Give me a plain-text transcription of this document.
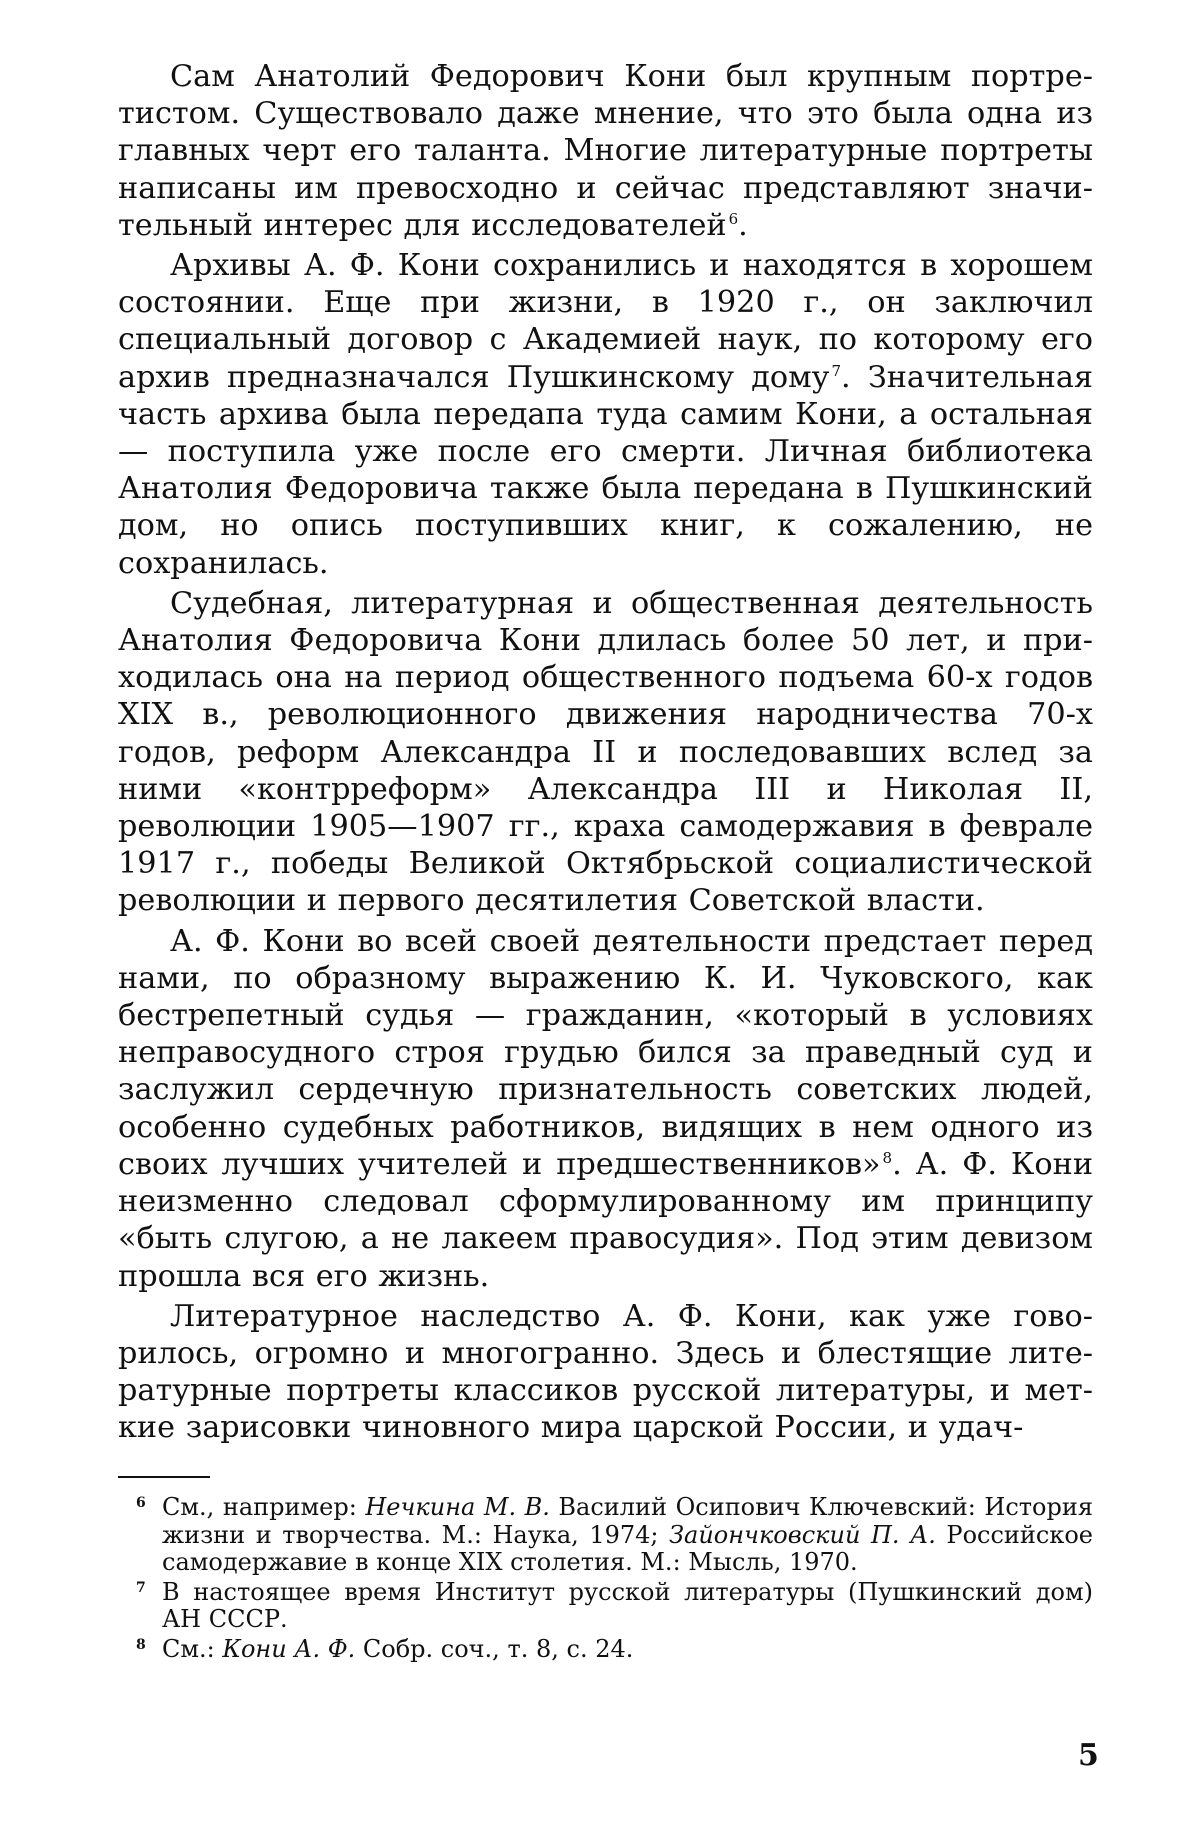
Сам Анатолий Федорович Кони был крупным портретистом. Существовало даже мнение, что это была одна из главных черт его таланта. Многие литературные портреты написаны им превосходно и сейчас представляют значительный интерес для исследователей $^6$.

Архивы А. Ф. Кони сохранились и находятся в хорошем состоянии. Еще при жизни, в 1920 г., он заключил специальный договор с Академией наук, по которому его архив предназначался Пушкинскому дому $^7$. Значительная часть архива была передапа туда самим Кони, а остальная — поступила уже после его смерти. Личная библиотека Анатолия Федоровича также была передана в Пушкинский дом, но опись поступивших книг, к сожалению, не сохранилась.

Судебная, литературная и общественная деятельность Анатолия Федоровича Кони длилась более 50 лет, и приходилась она на период общественного подъема 60-х годов XIX в., революционного движения народничества 70-х годов, реформ Александра II и последовавших вслед за ними «контрреформ» Александра III и Николая II, революции 1905—1907 гг., краха самодержавия в феврале 1917 г., победы Великой Октябрьской социалистической революции и первого десятилетия Советской власти.

А. Ф. Кони во всей своей деятельности предстает перед нами, по образному выражению К. И. Чуковского, как бестрепетный судья — гражданин, «который в условиях неправосудного строя грудью бился за праведный суд и заслужил сердечную признательность советских людей, особенно судебных работников, видящих в нем одного из своих лучших учителей и предшественников» $^8$. А. Ф. Кони неизменно следовал сформулированному им принципу «быть слугою, а не лакеем правосудия». Под этим девизом прошла вся его жизнь.

Литературное наследство А. Ф. Кони, как уже говорилось, огромно и многогранно. Здесь и блестящие литературные портреты классиков русской литературы, и меткие зарисовки чиновного мира царской России, и удач-

6 См., например: Нечкина М. В. Василий Осипович Ключевский: История жизни и творчества. М.: Наука, 1974; Зайончковский П. А. Российское самодержавие в конце XIX столетия. М.: Мысль, 1970.

7 В настоящее время Институт русской литературы (Пушкинский дом) АН СССР.

8 См.: Кони А. Ф. Собр. соч., т. 8, с. 24.

5
